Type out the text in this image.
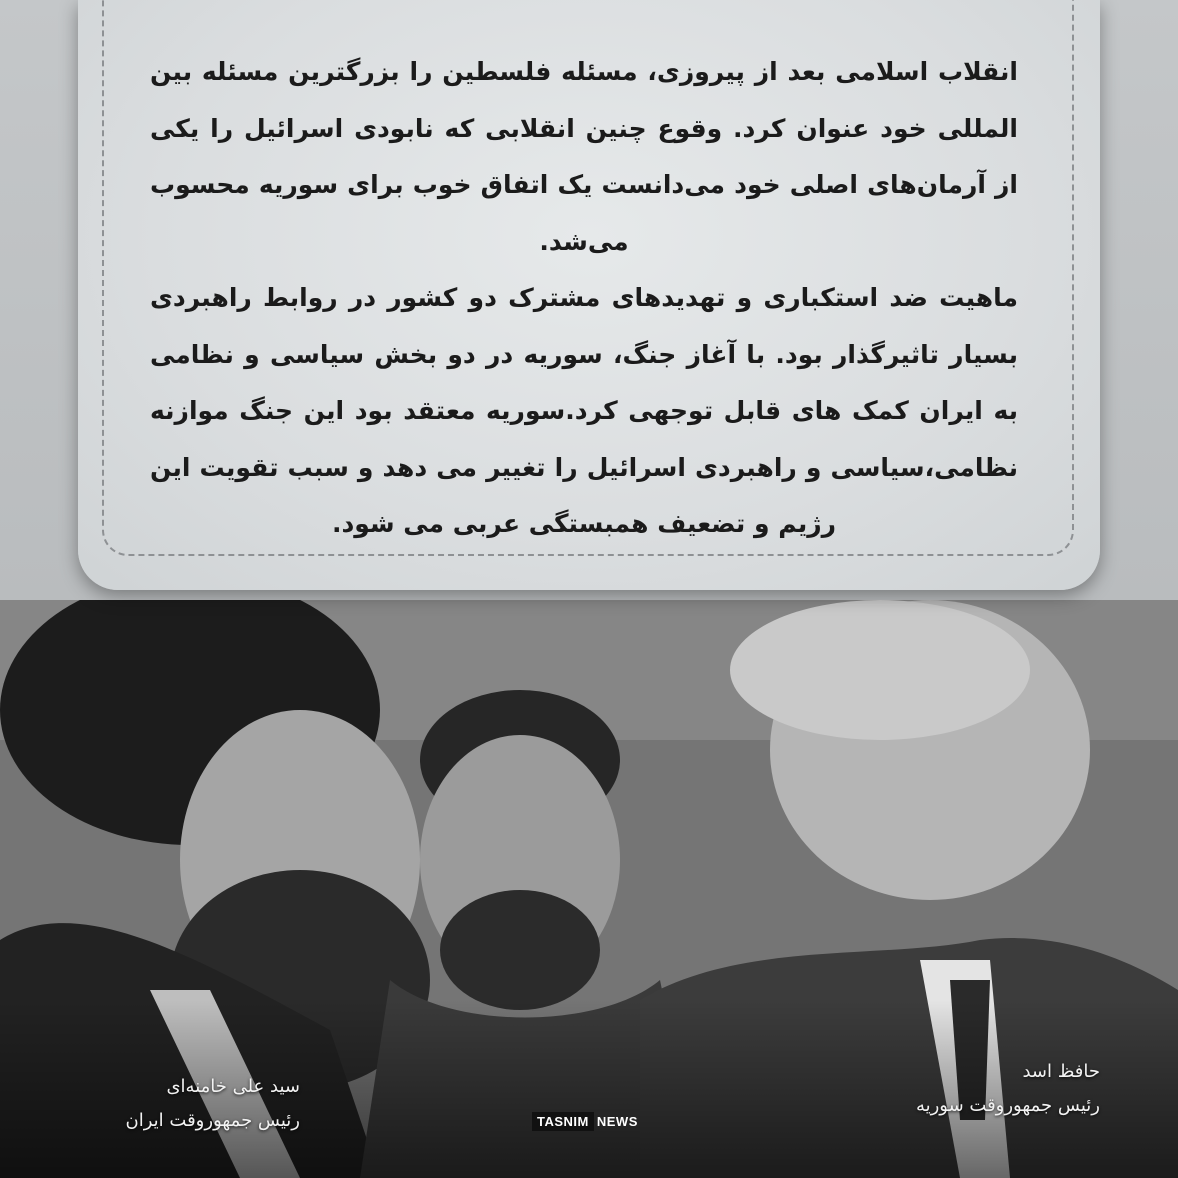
انقلاب اسلامی بعد از پیروزی، مسئله فلسطین را بزرگترین مسئله بین المللی خود عنوان کرد. وقوع چنین انقلابی که نابودی اسرائیل را یکی از آرمان‌های اصلی خود می‌دانست یک اتفاق خوب برای سوریه محسوب می‌شد.

ماهیت ضد استکباری و تهدیدهای مشترک دو کشور در روابط راهبردی بسیار تاثیرگذار بود. با آغاز جنگ، سوریه در دو بخش سیاسی و نظامی به ایران کمک های قابل توجهی کرد.سوریه معتقد بود این جنگ موازنه نظامی،سیاسی و راهبردی اسرائیل را تغییر می دهد و سبب تقویت این رژیم و تضعیف همبستگی عربی می شود.

سید علی خامنه‌ای
رئیس جمهوروقت ایران
حافظ اسد
رئیس جمهوروقت سوریه
TASNIM NEWS
